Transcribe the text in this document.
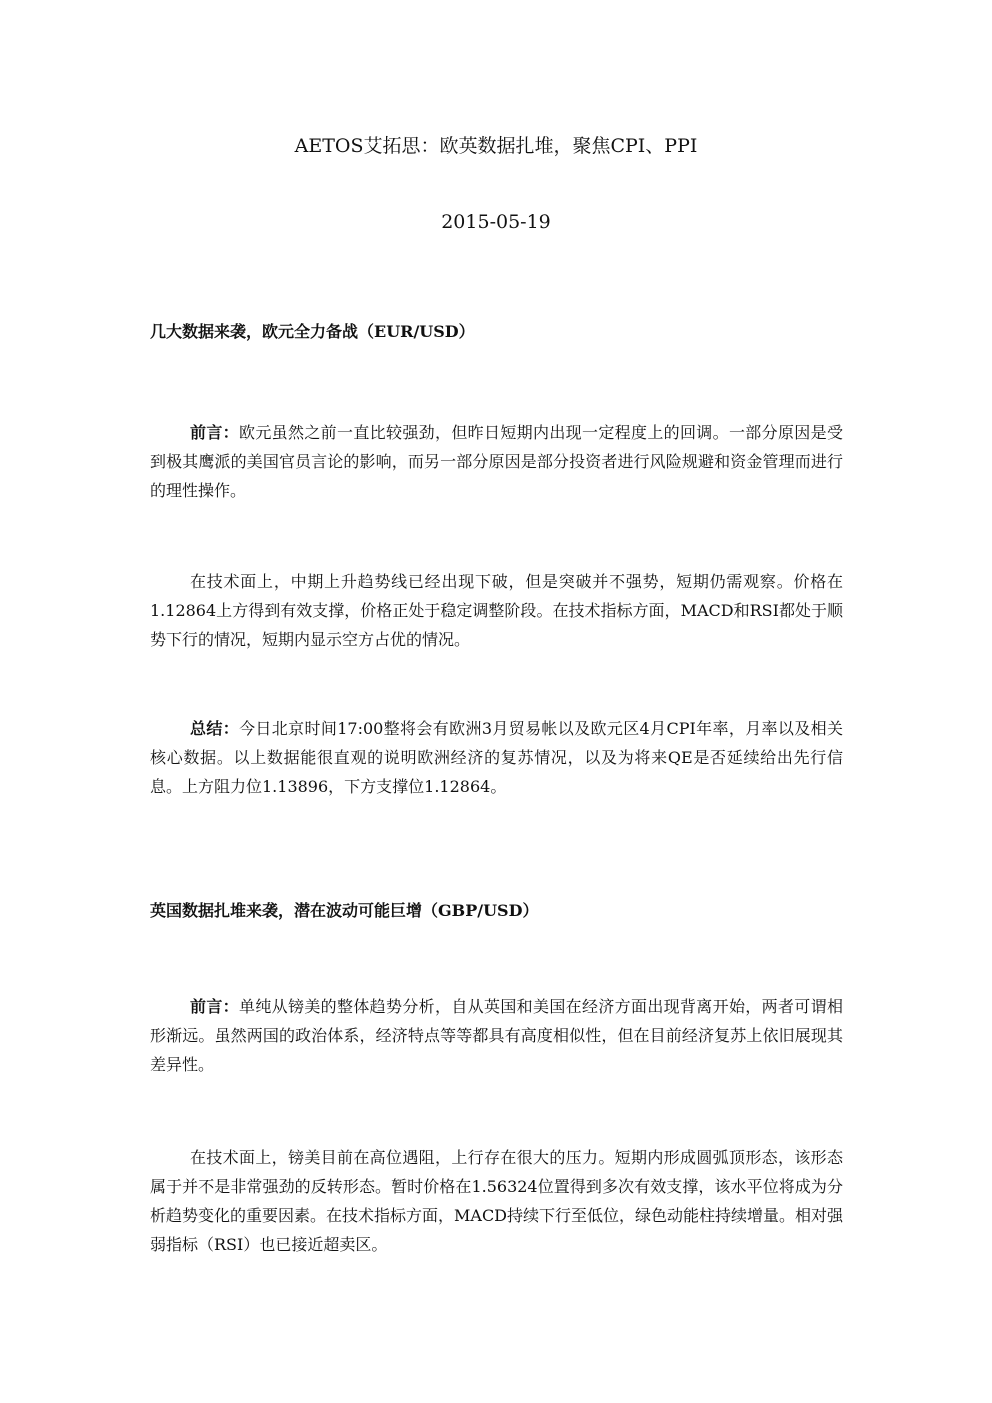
AETOS艾拓思：欧英数据扎堆，聚焦CPI、PPI
2015-05-19
几大数据来袭，欧元全力备战（EUR/USD）
前言：欧元虽然之前一直比较强劲，但昨日短期内出现一定程度上的回调。一部分原因是受到极其鹰派的美国官员言论的影响，而另一部分原因是部分投资者进行风险规避和资金管理而进行的理性操作。
在技术面上，中期上升趋势线已经出现下破，但是突破并不强势，短期仍需观察。价格在1.12864上方得到有效支撑，价格正处于稳定调整阶段。在技术指标方面，MACD和RSI都处于顺势下行的情况，短期内显示空方占优的情况。
总结：今日北京时间17:00整将会有欧洲3月贸易帐以及欧元区4月CPI年率，月率以及相关核心数据。以上数据能很直观的说明欧洲经济的复苏情况，以及为将来QE是否延续给出先行信息。上方阻力位1.13896，下方支撑位1.12864。
英国数据扎堆来袭，潜在波动可能巨增（GBP/USD）
前言：单纯从镑美的整体趋势分析，自从英国和美国在经济方面出现背离开始，两者可谓相形渐远。虽然两国的政治体系，经济特点等等都具有高度相似性，但在目前经济复苏上依旧展现其差异性。
在技术面上，镑美目前在高位遇阻，上行存在很大的压力。短期内形成圆弧顶形态，该形态属于并不是非常强劲的反转形态。暂时价格在1.56324位置得到多次有效支撑，该水平位将成为分析趋势变化的重要因素。在技术指标方面，MACD持续下行至低位，绿色动能柱持续增量。相对强弱指标（RSI）也已接近超卖区。
